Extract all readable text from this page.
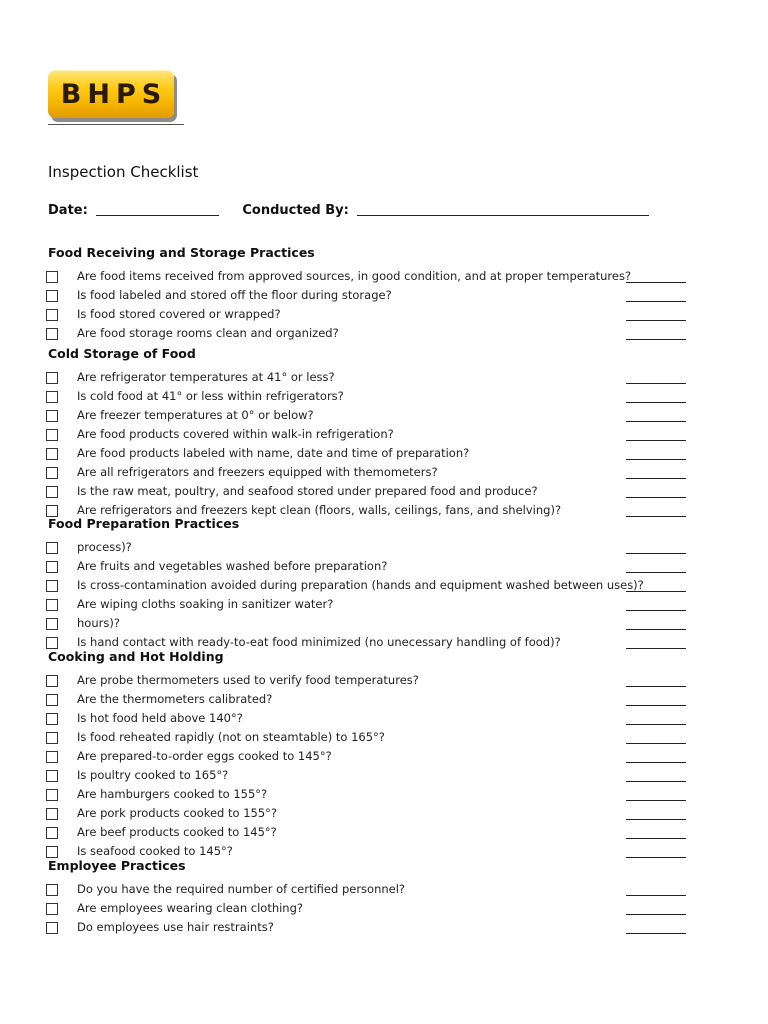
BHPS
Inspection Checklist
Date:	Conducted By:
Food Receiving and Storage Practices
Are food items received from approved sources, in good condition, and at proper temperatures?
Is food labeled and stored off the floor during storage?
Is food stored covered or wrapped?
Are food storage rooms clean and organized?
Cold Storage of Food
Are refrigerator temperatures at 41° or less?
Is cold food at 41° or less within refrigerators?
Are freezer temperatures at 0° or below?
Are food products covered within walk-in refrigeration?
Are food products labeled with name, date and time of preparation?
Are all refrigerators and freezers equipped with themometers?
Is the raw meat, poultry, and seafood stored under prepared food and produce?
Are refrigerators and freezers kept clean (floors, walls, ceilings, fans, and shelving)?
Food Preparation Practices
process)?
Are fruits and vegetables washed before preparation?
Is cross-contamination avoided during preparation (hands and equipment washed between uses)?
Are wiping cloths soaking in sanitizer water?
hours)?
Is hand contact with ready-to-eat food minimized (no unecessary handling of food)?
Cooking and Hot Holding
Are probe thermometers used to verify food temperatures?
Are the thermometers calibrated?
Is hot food held above 140°?
Is food reheated rapidly (not on steamtable) to 165°?
Are prepared-to-order eggs cooked to 145°?
Is poultry cooked to 165°?
Are hamburgers cooked to 155°?
Are pork products cooked to 155°?
Are beef products cooked to 145°?
Is seafood cooked to 145°?
Employee Practices
Do you have the required number of certified personnel?
Are employees wearing clean clothing?
Do employees use hair restraints?
